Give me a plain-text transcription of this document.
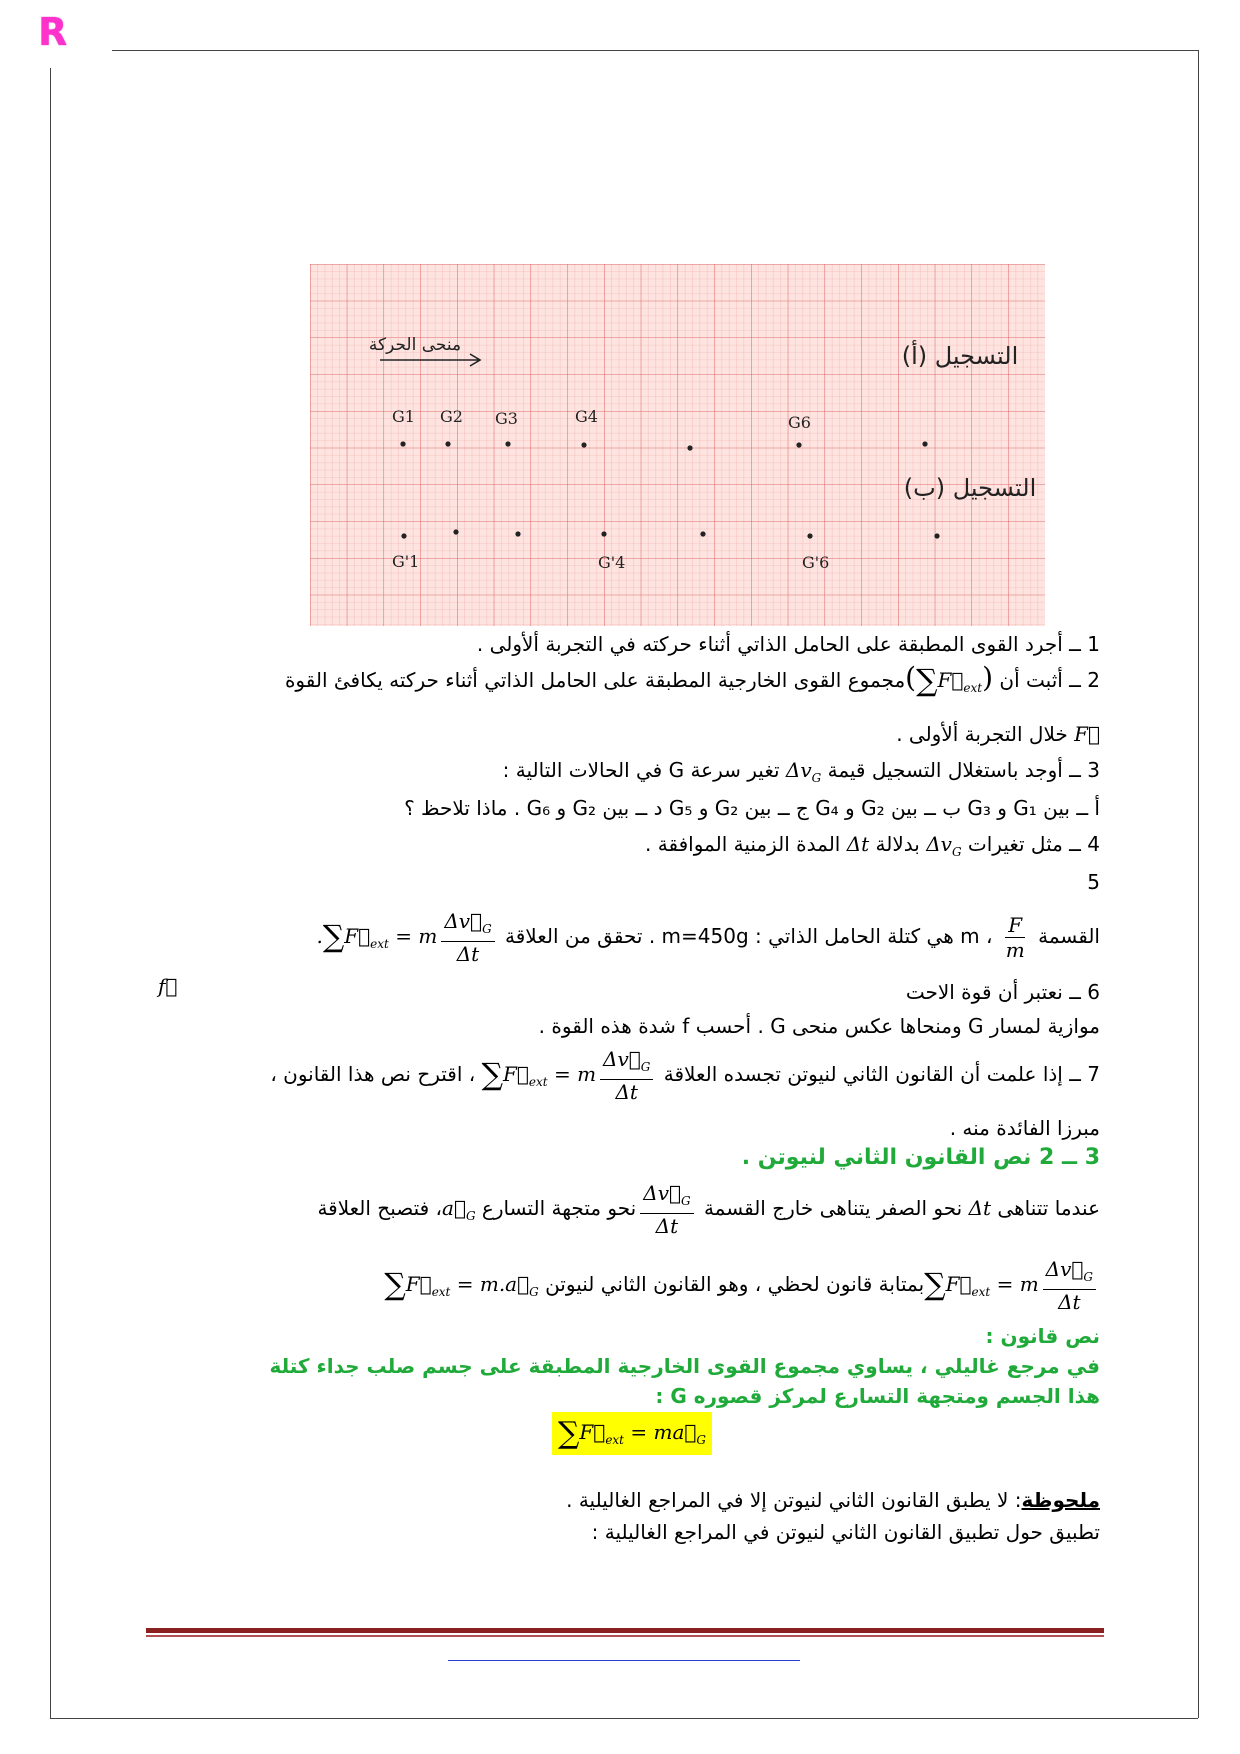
R
منحى الحركة	التسجيل (أ)
التسجيل (ب)
G1 G2 G3	G4	G6
G'1	G'4	G'6
1 ــ أجرد القوى المطبقة على الحامل الذاتي أثناء حركته في التجربة ألأولى .
2 ــ أثبت أن $(\sum F⃗_{ext})مجموع$ القوى الخارجية المطبقة على الحامل الذاتي أثناء حركته يكافئ القوة
F⃗ خلال التجربة ألأولى .
3 ــ أوجد باستغلال التسجيل قيمة $\Delta v_G$ تغير سرعة G في الحالات التالية :
أ ــ بين G₁ و G₃ ب ــ بين G₂ و G₄ ج ــ بين G₂ و G₅ د ــ بين G₂ و G₆ . ماذا تلاحظ ؟
4 ــ مثل تغيرات $\Delta v_G$ بدلالة Δt المدة الزمنية الموافقة .
5
القسمة
$\frac{F}{m}$
، m هي كتلة الحامل الذاتي : m=450g . تحقق من العلاقة $.\sum F⃗_{ext} = m \frac{\Delta v⃗_G}{\Delta t}$
6 ــ نعتبر أن قوة الاحت
f⃗
موازية لمسار G ومنحاها عكس منحى G . أحسب f شدة هذه القوة .
7 ــ إذا علمت أن القانون الثاني لنيوتن تجسده العلاقة $\sum F⃗_{ext} = m \frac{\Delta v⃗_G}{\Delta t}$
، اقترح نص هذا القانون ،
مبرزا الفائدة منه .
3 ــ 2 نص القانون الثاني لنيوتن .
عندما تتناهى Δt نحو الصفر يتناهى خارج القسمة
$\frac{\Delta v⃗_G}{\Delta t}$
نحو متجهة التسارع $a⃗_G،$ فتصبح العلاقة
$\sum F⃗_{ext} = m \frac{\Delta v⃗_G}{\Delta t}$
بمتابة قانون لحظي ، وهو القانون الثاني لنيوتن $\sum F⃗_{ext}$ = $m.a⃗_G$
نص قانون :
في مرجع غاليلي ، يساوي مجموع القوى الخارجية المطبقة على جسم صلب جداء كتلة
هذا الجسم ومتجهة التسارع لمركز قصوره G :
$\sum F⃗_{ext}$ = $ma⃗_G$
ملحوظة: لا يطبق القانون الثاني لنيوتن إلا في المراجع الغاليلية .
تطبيق حول تطبيق القانون الثاني لنيوتن في المراجع الغاليلية :
